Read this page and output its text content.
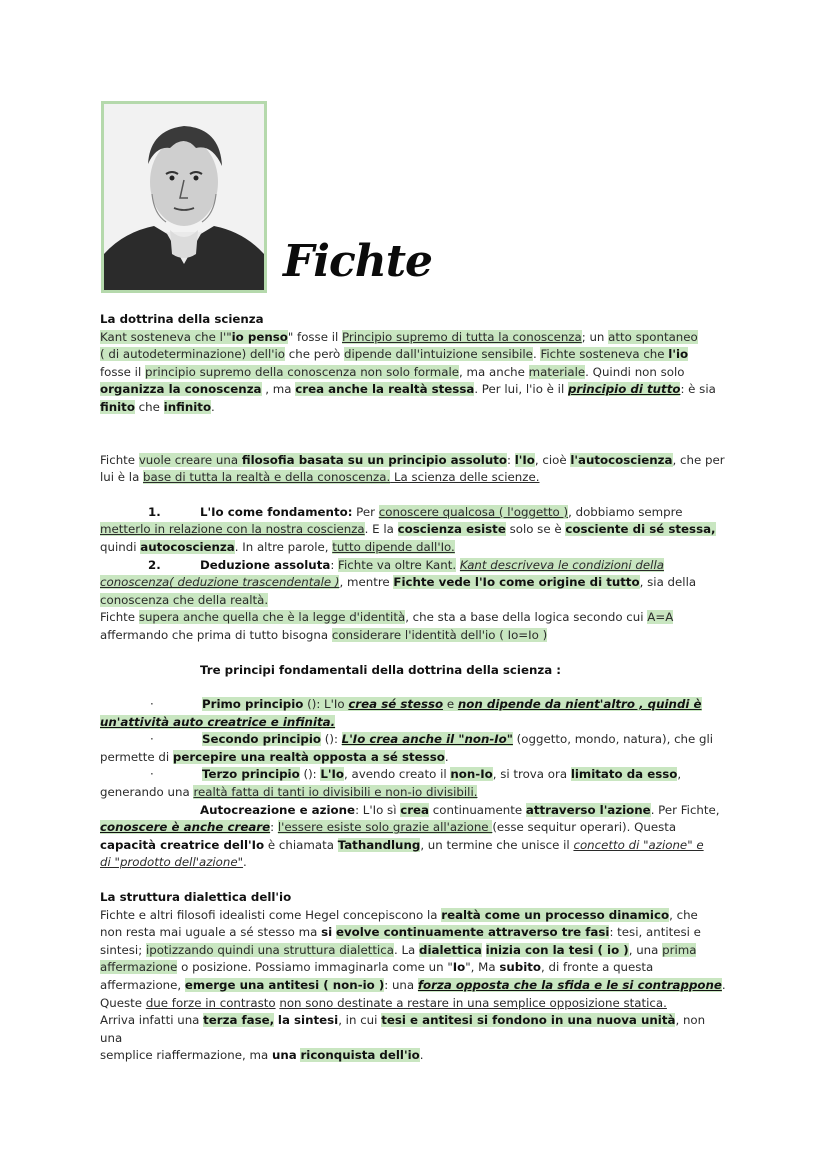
Fichte

La dottrina della scienza

Kant sosteneva che l'"io penso" fosse il Principio supremo di tutta la conoscenza; un atto spontaneo
( di autodeterminazione) dell'io che però dipende dall'intuizione sensibile. Fichte sosteneva che l'io
fosse il principio supremo della conoscenza non solo formale, ma anche materiale. Quindi non solo
organizza la conoscenza , ma crea anche la realtà stessa. Per lui, l'io è il principio di tutto: è sia
finito che infinito.

Fichte vuole creare una filosofia basata su un principio assoluto: l'Io, cioè l'autocoscienza, che per
lui è la base di tutta la realtà e della conoscenza. La scienza delle scienze.

1.	L'Io come fondamento: Per conoscere qualcosa ( l'oggetto ), dobbiamo sempre
metterlo in relazione con la nostra coscienza. E la coscienza esiste solo se è cosciente di sé stessa,
quindi autocoscienza. In altre parole, tutto dipende dall'Io.

2.	Deduzione assoluta: Fichte va oltre Kant. Kant descriveva le condizioni della
conoscenza( deduzione trascendentale ), mentre Fichte vede l'Io come origine di tutto, sia della
conoscenza che della realtà.

Fichte supera anche quella che è la legge d'identità, che sta a base della logica secondo cui A=A
affermando che prima di tutto bisogna considerare l'identità dell'io ( Io=Io )

Tre principi fondamentali della dottrina della scienza :

·	Primo principio (): L'Io crea sé stesso e non dipende da nient'altro , quindi è
un'attività auto creatrice e infinita.

·	Secondo principio (): L'Io crea anche il "non-Io" (oggetto, mondo, natura), che gli
permette di percepire una realtà opposta a sé stesso.

·	Terzo principio (): L'Io, avendo creato il non-Io, si trova ora limitato da esso,
generando una realtà fatta di tanti io divisibili e non-io divisibili.

Autocreazione e azione: L'Io sì crea continuamente attraverso l'azione. Per Fichte,
conoscere è anche creare: l'essere esiste solo grazie all'azione (esse sequitur operari). Questa
capacità creatrice dell'Io è chiamata Tathandlung, un termine che unisce il concetto di "azione" e
di "prodotto dell'azione".

La struttura dialettica dell'io

Fichte e altri filosofi idealisti come Hegel concepiscono la realtà come un processo dinamico, che
non resta mai uguale a sé stesso ma si evolve continuamente attraverso tre fasi: tesi, antitesi e
sintesi; ipotizzando quindi una struttura dialettica. La dialettica inizia con la tesi ( io ), una prima
affermazione o posizione. Possiamo immaginarla come un "Io", Ma subito, di fronte a questa
affermazione, emerge una antitesi ( non-io ): una forza opposta che la sfida e le si contrappone.
Queste due forze in contrasto non sono destinate a restare in una semplice opposizione statica.
Arriva infatti una terza fase, la sintesi, in cui tesi e antitesi si fondono in una nuova unità, non una
semplice riaffermazione, ma una riconquista dell'io.
